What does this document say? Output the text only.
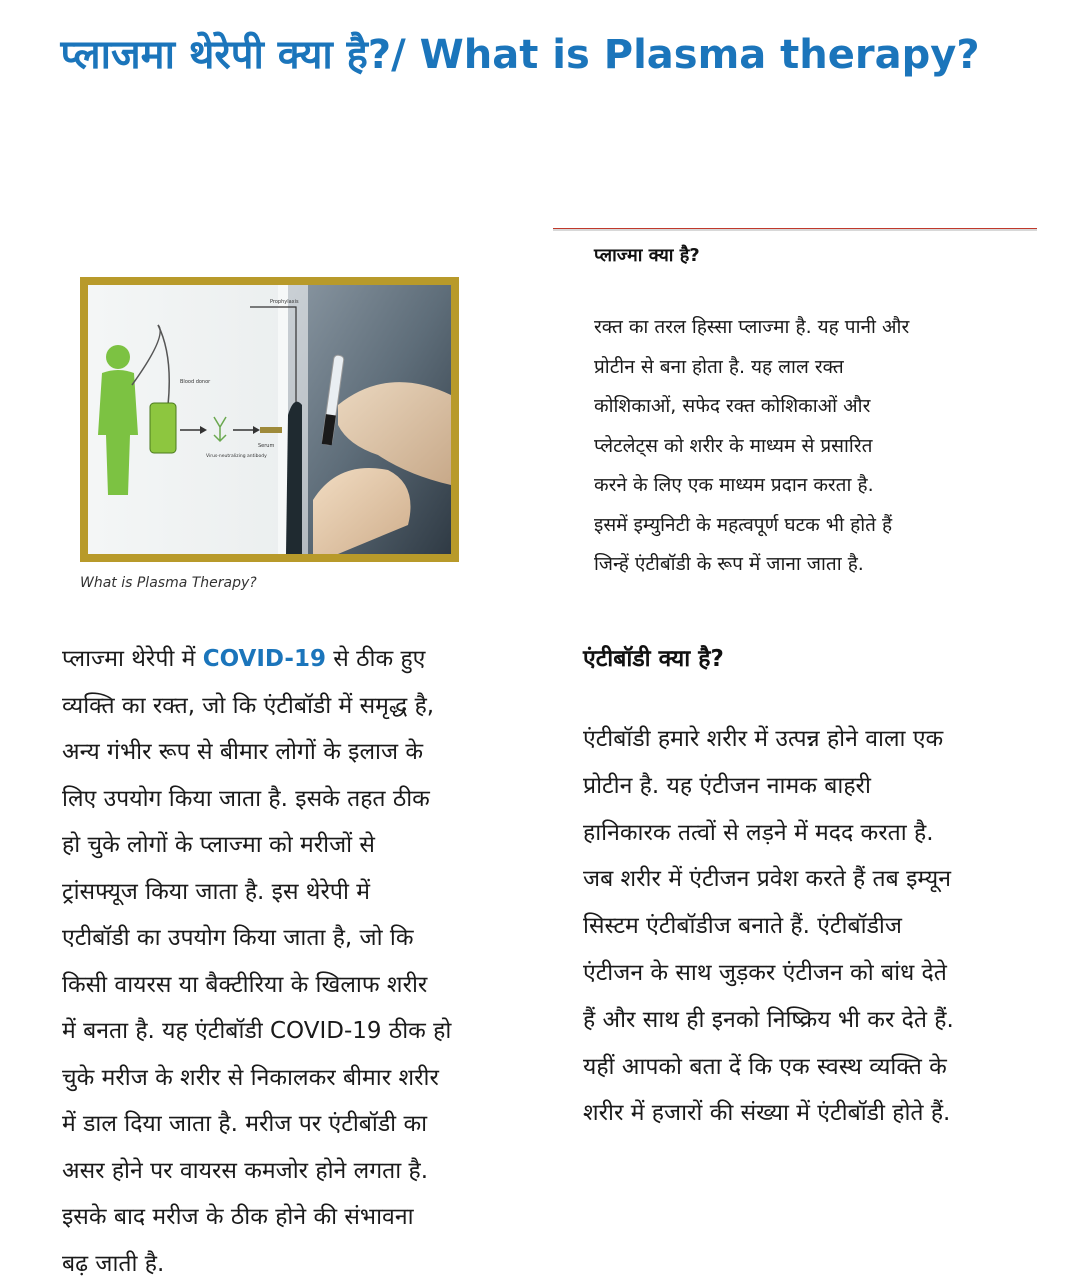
प्लाजमा थेरेपी क्या है?/ What is Plasma therapy?
प्लाज्मा क्या है?

रक्त का तरल हिस्सा प्लाज्मा है. यह पानी और
प्रोटीन से बना होता है. यह लाल रक्त
कोशिकाओं, सफेद रक्त कोशिकाओं और
प्लेटलेट्स को शरीर के माध्यम से प्रसारित
करने के लिए एक माध्यम प्रदान करता है.
इसमें इम्युनिटी के महत्वपूर्ण घटक भी होते हैं
जिन्हें एंटीबॉडी के रूप में जाना जाता है.

Blood donor
Virus-neutralizing antibody
Serum
Prophylaxis

What is Plasma Therapy?

प्लाज्मा थेरेपी में COVID-19 से ठीक हुए
व्यक्ति का रक्त, जो कि एंटीबॉडी में समृद्ध है,
अन्य गंभीर रूप से बीमार लोगों के इलाज के
लिए उपयोग किया जाता है. इसके तहत ठीक
हो चुके लोगों के प्लाज्मा को मरीजों से
ट्रांसफ्यूज किया जाता है. इस थेरेपी में
एटीबॉडी का उपयोग किया जाता है, जो कि
किसी वायरस या बैक्टीरिया के खिलाफ शरीर
में बनता है. यह एंटीबॉडी COVID-19 ठीक हो
चुके मरीज के शरीर से निकालकर बीमार शरीर
में डाल दिया जाता है. मरीज पर एंटीबॉडी का
असर होने पर वायरस कमजोर होने लगता है.
इसके बाद मरीज के ठीक होने की संभावना
बढ़ जाती है.

एंटीबॉडी क्या है?

एंटीबॉडी हमारे शरीर में उत्पन्न होने वाला एक
प्रोटीन है. यह एंटीजन नामक बाहरी
हानिकारक तत्वों से लड़ने में मदद करता है.
जब शरीर में एंटीजन प्रवेश करते हैं तब इम्यून
सिस्टम एंटीबॉडीज बनाते हैं. एंटीबॉडीज
एंटीजन के साथ जुड़कर एंटीजन को बांध देते
हैं और साथ ही इनको निष्क्रिय भी कर देते हैं.
यहीं आपको बता दें कि एक स्वस्थ व्यक्ति के
शरीर में हजारों की संख्या में एंटीबॉडी होते हैं.
